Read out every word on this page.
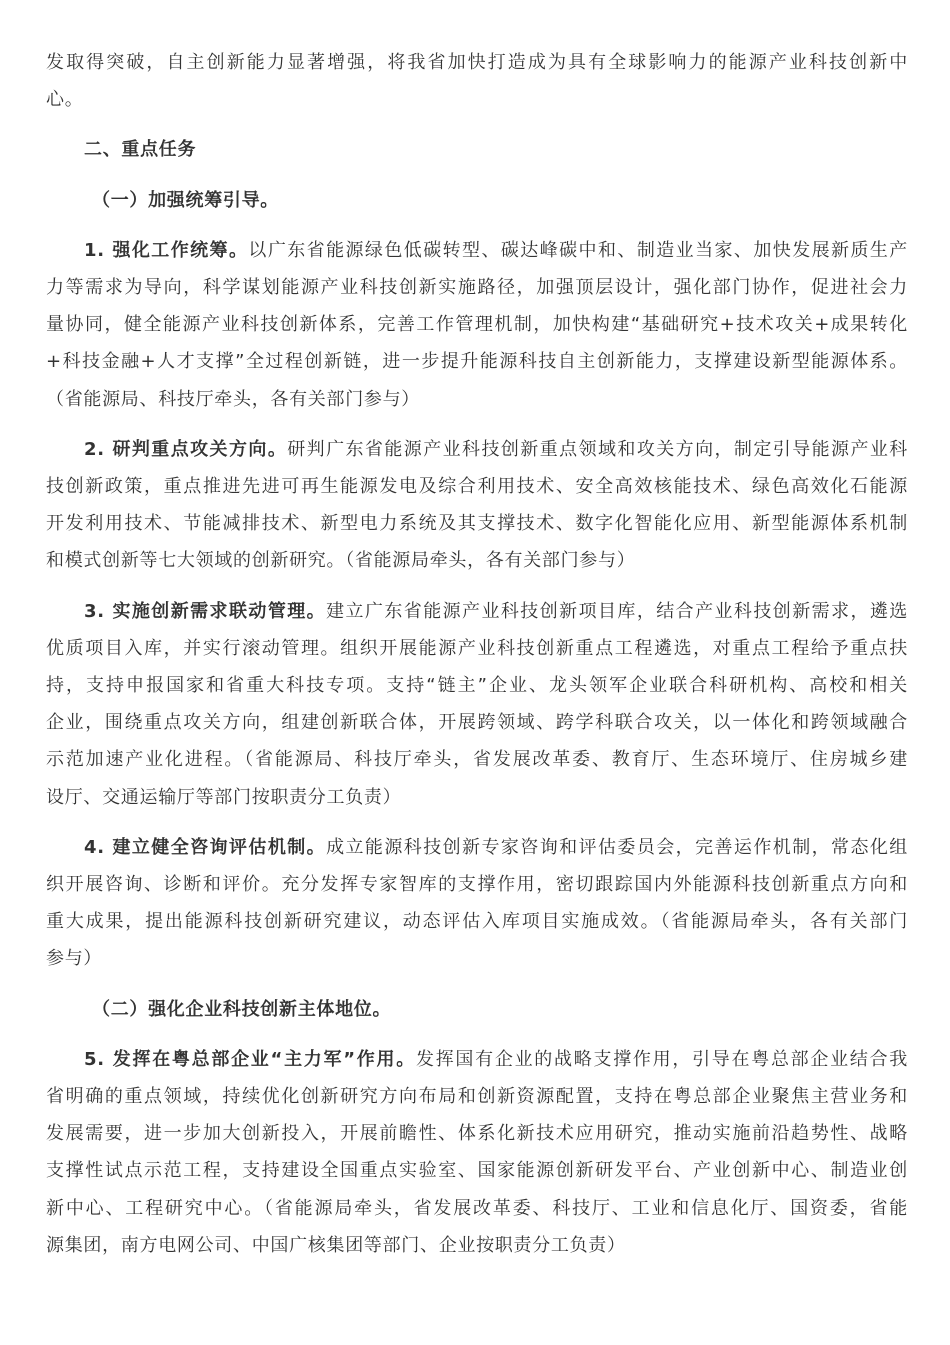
发取得突破，自主创新能力显著增强，将我省加快打造成为具有全球影响力的能源产业科技创新中
心。
二、重点任务
（一）加强统筹引导。
1. 强化工作统筹。以广东省能源绿色低碳转型、碳达峰碳中和、制造业当家、加快发展新质生产
力等需求为导向，科学谋划能源产业科技创新实施路径，加强顶层设计，强化部门协作，促进社会力
量协同，健全能源产业科技创新体系，完善工作管理机制，加快构建“基础研究+技术攻关+成果转化
+科技金融+人才支撑”全过程创新链，进一步提升能源科技自主创新能力，支撑建设新型能源体系。
（省能源局、科技厅牵头，各有关部门参与）
2. 研判重点攻关方向。研判广东省能源产业科技创新重点领域和攻关方向，制定引导能源产业科
技创新政策，重点推进先进可再生能源发电及综合利用技术、安全高效核能技术、绿色高效化石能源
开发利用技术、节能减排技术、新型电力系统及其支撑技术、数字化智能化应用、新型能源体系机制
和模式创新等七大领域的创新研究。（省能源局牵头，各有关部门参与）
3. 实施创新需求联动管理。建立广东省能源产业科技创新项目库，结合产业科技创新需求，遴选
优质项目入库，并实行滚动管理。组织开展能源产业科技创新重点工程遴选，对重点工程给予重点扶
持，支持申报国家和省重大科技专项。支持“链主”企业、龙头领军企业联合科研机构、高校和相关
企业，围绕重点攻关方向，组建创新联合体，开展跨领域、跨学科联合攻关，以一体化和跨领域融合
示范加速产业化进程。（省能源局、科技厅牵头，省发展改革委、教育厅、生态环境厅、住房城乡建
设厅、交通运输厅等部门按职责分工负责）
4. 建立健全咨询评估机制。成立能源科技创新专家咨询和评估委员会，完善运作机制，常态化组
织开展咨询、诊断和评价。充分发挥专家智库的支撑作用，密切跟踪国内外能源科技创新重点方向和
重大成果，提出能源科技创新研究建议，动态评估入库项目实施成效。（省能源局牵头，各有关部门
参与）
（二）强化企业科技创新主体地位。
5. 发挥在粤总部企业“主力军”作用。发挥国有企业的战略支撑作用，引导在粤总部企业结合我
省明确的重点领域，持续优化创新研究方向布局和创新资源配置，支持在粤总部企业聚焦主营业务和
发展需要，进一步加大创新投入，开展前瞻性、体系化新技术应用研究，推动实施前沿趋势性、战略
支撑性试点示范工程，支持建设全国重点实验室、国家能源创新研发平台、产业创新中心、制造业创
新中心、工程研究中心。（省能源局牵头，省发展改革委、科技厅、工业和信息化厅、国资委，省能
源集团，南方电网公司、中国广核集团等部门、企业按职责分工负责）
